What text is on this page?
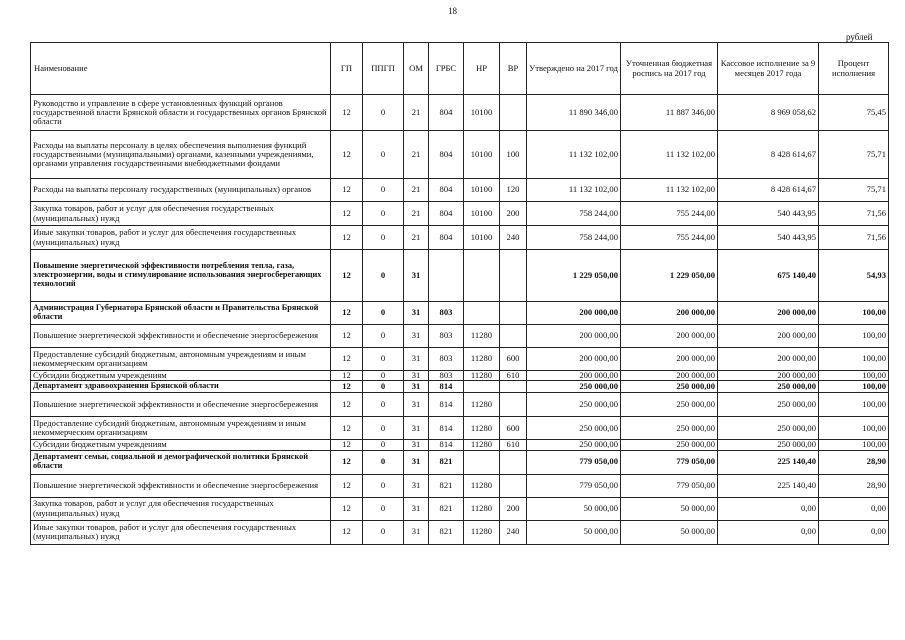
18
рублей
Наименование	ГП	ППГП	ОМ	ГРБС	НР	ВР	Утверждено на 2017 год	Уточненная бюджетная роспись на 2017 год	Кассовое исполнение за 9 месяцев 2017 года	Процент исполнения
Руководство и управление в сфере установленных функций органов государственной власти Брянской области и государственных органов Брянской области	12	0	21	804	10100		11 890 346,00	11 887 346,00	8 969 058,62	75,45
Расходы на выплаты персоналу в целях обеспечения выполнения функций государственными (муниципальными) органами, казенными учреждениями, органами управления государственными внебюджетными фондами	12	0	21	804	10100	100	11 132 102,00	11 132 102,00	8 428 614,67	75,71
Расходы на выплаты персоналу государственных (муниципальных) органов	12	0	21	804	10100	120	11 132 102,00	11 132 102,00	8 428 614,67	75,71
Закупка товаров, работ и услуг для обеспечения государственных (муниципальных) нужд	12	0	21	804	10100	200	758 244,00	755 244,00	540 443,95	71,56
Иные закупки товаров, работ и услуг для обеспечения государственных (муниципальных) нужд	12	0	21	804	10100	240	758 244,00	755 244,00	540 443,95	71,56
Повышение энергетической эффективности потребления тепла, газа, электроэнергии, воды и стимулирование использования энергосберегающих технологий	12	0	31				1 229 050,00	1 229 050,00	675 140,40	54,93
Администрация Губернатора Брянской области и Правительства Брянской области	12	0	31	803			200 000,00	200 000,00	200 000,00	100,00
Повышение энергетической эффективности и обеспечение энергосбережения	12	0	31	803	11280		200 000,00	200 000,00	200 000,00	100,00
Предоставление субсидий бюджетным, автономным учреждениям и иным некоммерческим организациям	12	0	31	803	11280	600	200 000,00	200 000,00	200 000,00	100,00
Субсидии бюджетным учреждениям	12	0	31	803	11280	610	200 000,00	200 000,00	200 000,00	100,00
Департамент здравоохранения Брянской области	12	0	31	814			250 000,00	250 000,00	250 000,00	100,00
Повышение энергетической эффективности и обеспечение энергосбережения	12	0	31	814	11280		250 000,00	250 000,00	250 000,00	100,00
Предоставление субсидий бюджетным, автономным учреждениям и иным некоммерческим организациям	12	0	31	814	11280	600	250 000,00	250 000,00	250 000,00	100,00
Субсидии бюджетным учреждениям	12	0	31	814	11280	610	250 000,00	250 000,00	250 000,00	100,00
Департамент семьи, социальной и демографической политики Брянской области	12	0	31	821			779 050,00	779 050,00	225 140,40	28,90
Повышение энергетической эффективности и обеспечение энергосбережения	12	0	31	821	11280		779 050,00	779 050,00	225 140,40	28,90
Закупка товаров, работ и услуг для обеспечения государственных (муниципальных) нужд	12	0	31	821	11280	200	50 000,00	50 000,00	0,00	0,00
Иные закупки товаров, работ и услуг для обеспечения государственных (муниципальных) нужд	12	0	31	821	11280	240	50 000,00	50 000,00	0,00	0,00
